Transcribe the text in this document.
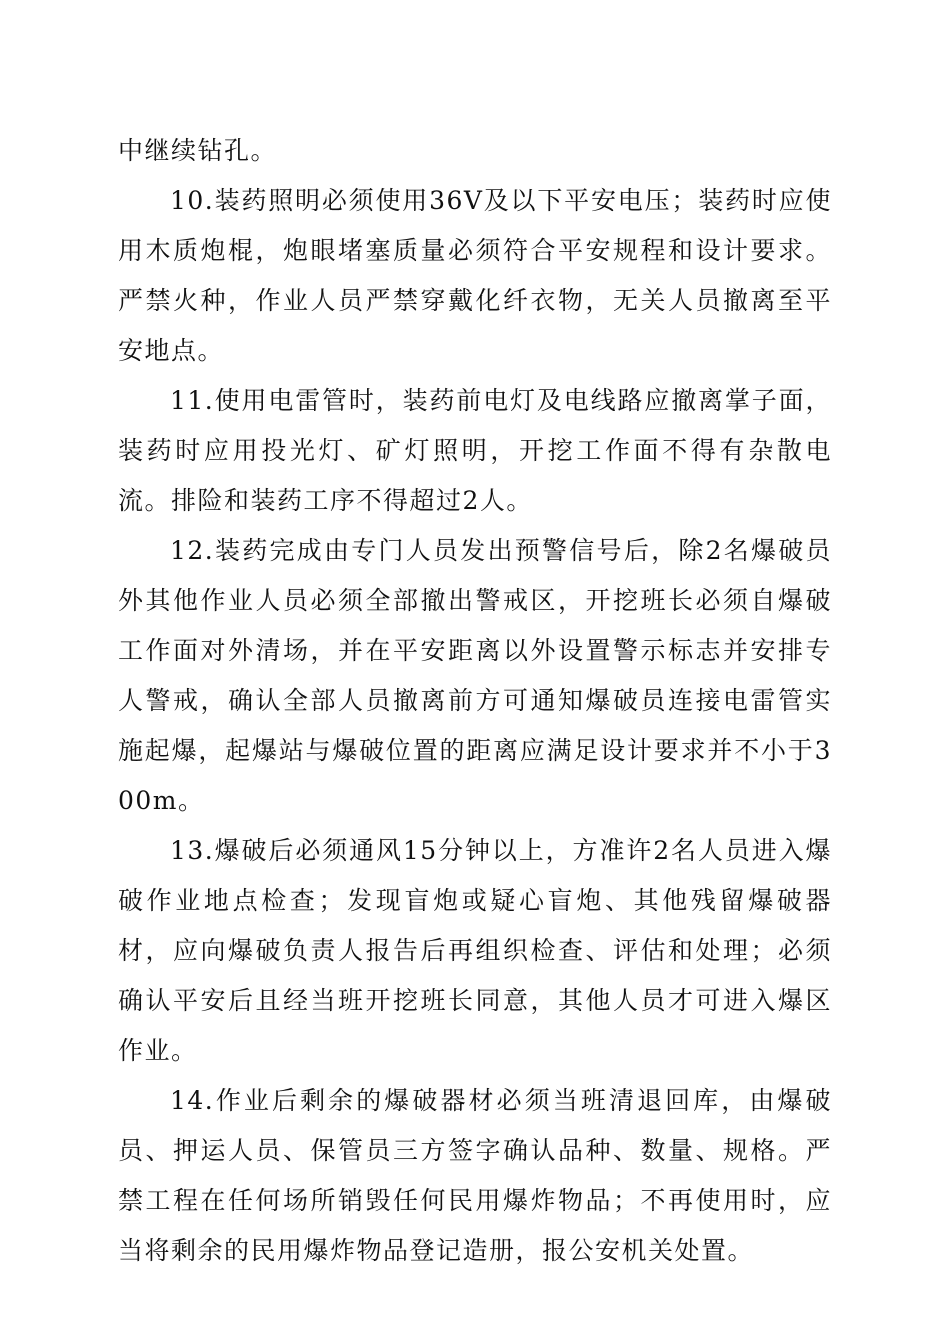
中继续钻孔。

10.装药照明必须使用36V及以下平安电压；装药时应使用木质炮棍，炮眼堵塞质量必须符合平安规程和设计要求。严禁火种，作业人员严禁穿戴化纤衣物，无关人员撤离至平安地点。

11.使用电雷管时，装药前电灯及电线路应撤离掌子面，装药时应用投光灯、矿灯照明，开挖工作面不得有杂散电流。排险和装药工序不得超过2人。

12.装药完成由专门人员发出预警信号后，除2名爆破员外其他作业人员必须全部撤出警戒区，开挖班长必须自爆破工作面对外清场，并在平安距离以外设置警示标志并安排专人警戒，确认全部人员撤离前方可通知爆破员连接电雷管实施起爆，起爆站与爆破位置的距离应满足设计要求并不小于300m。

13.爆破后必须通风15分钟以上，方准许2名人员进入爆破作业地点检查；发现盲炮或疑心盲炮、其他残留爆破器材，应向爆破负责人报告后再组织检查、评估和处理；必须确认平安后且经当班开挖班长同意，其他人员才可进入爆区作业。

14.作业后剩余的爆破器材必须当班清退回库，由爆破员、押运人员、保管员三方签字确认品种、数量、规格。严禁工程在任何场所销毁任何民用爆炸物品；不再使用时，应当将剩余的民用爆炸物品登记造册，报公安机关处置。
